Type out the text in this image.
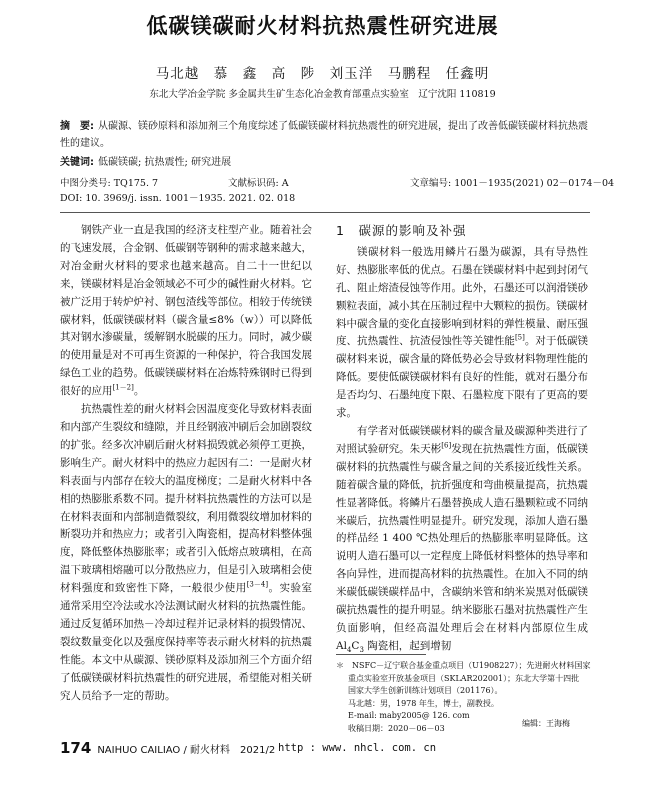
低碳镁碳耐火材料抗热震性研究进展
马北越　慕　鑫　高　陟　刘玉洋　马鹏程　任鑫明
东北大学冶金学院 多金属共生矿生态化冶金教育部重点实验室　辽宁沈阳 110819
摘　要: 从碳源、镁砂原料和添加剂三个角度综述了低碳镁碳材料抗热震性的研究进展，提出了改善低碳镁碳材料抗热震性的建议。
关键词: 低碳镁碳; 抗热震性; 研究进展
中图分类号: TQ175. 7	文献标识码: A	文章编号: 1001－1935(2021) 02－0174－04
DOI: 10. 3969/j. issn. 1001－1935. 2021. 02. 018

钢铁产业一直是我国的经济支柱型产业。随着社会的飞速发展，合金钢、低碳钢等钢种的需求越来越大，对冶金耐火材料的要求也越来越高。自二十一世纪以来，镁碳材料是冶金领域必不可少的碱性耐火材料。它被广泛用于转炉炉衬、钢包渣线等部位。相较于传统镁碳材料，低碳镁碳材料（碳含量≤8%（w））可以降低其对钢水渗碳量，缓解钢水脱碳的压力。同时，减少碳的使用量是对不可再生资源的一种保护，符合我国发展绿色工业的趋势。低碳镁碳材料在冶炼特殊钢时已得到很好的应用[1－2]。

抗热震性差的耐火材料会因温度变化导致材料表面和内部产生裂纹和缝隙，并且经钢液冲刷后会加剧裂纹的扩张。经多次冲刷后耐火材料损毁就必须停工更换，影响生产。耐火材料中的热应力起因有二：一是耐火材料表面与内部存在较大的温度梯度；二是耐火材料中各相的热膨胀系数不同。提升材料抗热震性的方法可以是在材料表面和内部制造微裂纹，利用微裂纹增加材料的断裂功并和热应力；或者引入陶瓷相，提高材料整体强度，降低整体热膨胀率；或者引入低熔点玻璃相，在高温下玻璃相熔融可以分散热应力，但是引入玻璃相会使材料强度和致密性下降，一般很少使用[3－4]。实验室通常采用空冷法或水冷法测试耐火材料的抗热震性能。通过反复循环加热－冷却过程并记录材料的损毁情况、裂纹数量变化以及强度保持率等表示耐火材料的抗热震性能。本文中从碳源、镁砂原料及添加剂三个方面介绍了低碳镁碳材料抗热震性的研究进展，希望能对相关研究人员给予一定的帮助。

1　碳源的影响及补强

镁碳材料一般选用鳞片石墨为碳源，具有导热性好、热膨胀率低的优点。石墨在镁碳材料中起到封闭气孔、阻止熔渣侵蚀等作用。此外，石墨还可以润滑镁砂颗粒表面，减小其在压制过程中大颗粒的损伤。镁碳材料中碳含量的变化直接影响到材料的弹性模量、耐压强度、抗热震性、抗渣侵蚀性等关键性能[5]。对于低碳镁碳材料来说，碳含量的降低势必会导致材料物理性能的降低。要使低碳镁碳材料有良好的性能，就对石墨分布是否均匀、石墨纯度下限、石墨粒度下限有了更高的要求。

有学者对低碳镁碳材料的碳含量及碳源种类进行了对照试验研究。朱天彬[6]发现在抗热震性方面，低碳镁碳材料的抗热震性与碳含量之间的关系接近线性关系。随着碳含量的降低，抗折强度和弯曲模量提高，抗热震性显著降低。将鳞片石墨替换成人造石墨颗粒或不同纳米碳后，抗热震性明显提升。研究发现，添加人造石墨的样品经 1 400 ℃热处理后的热膨胀率明显降低。这说明人造石墨可以一定程度上降低材料整体的热导率和各向异性，进而提高材料的抗热震性。在加入不同的纳米碳低碳镁碳样品中，含碳纳米管和纳米炭黑对低碳镁碳抗热震性的提升明显。纳米膨胀石墨对抗热震性产生负面影响，但经高温处理后会在材料内部原位生成 $Al_4C_3$ 陶瓷相，起到增韧

＊　NSFC－辽宁联合基金重点项目（U1908227）；先进耐火材料国家
重点实验室开放基金项目（SKLAR202001）；东北大学第十四批
国家大学生创新训练计划项目（201176）。
马北越：男，1978 年生，博士，副教授。
E-mail: maby2005@ 126. com
收稿日期：2020－06－03	编辑：王海梅
174 NAIHUO CAILIAO / 耐火材料　2021/2 http : www. nhcl. com. cn
